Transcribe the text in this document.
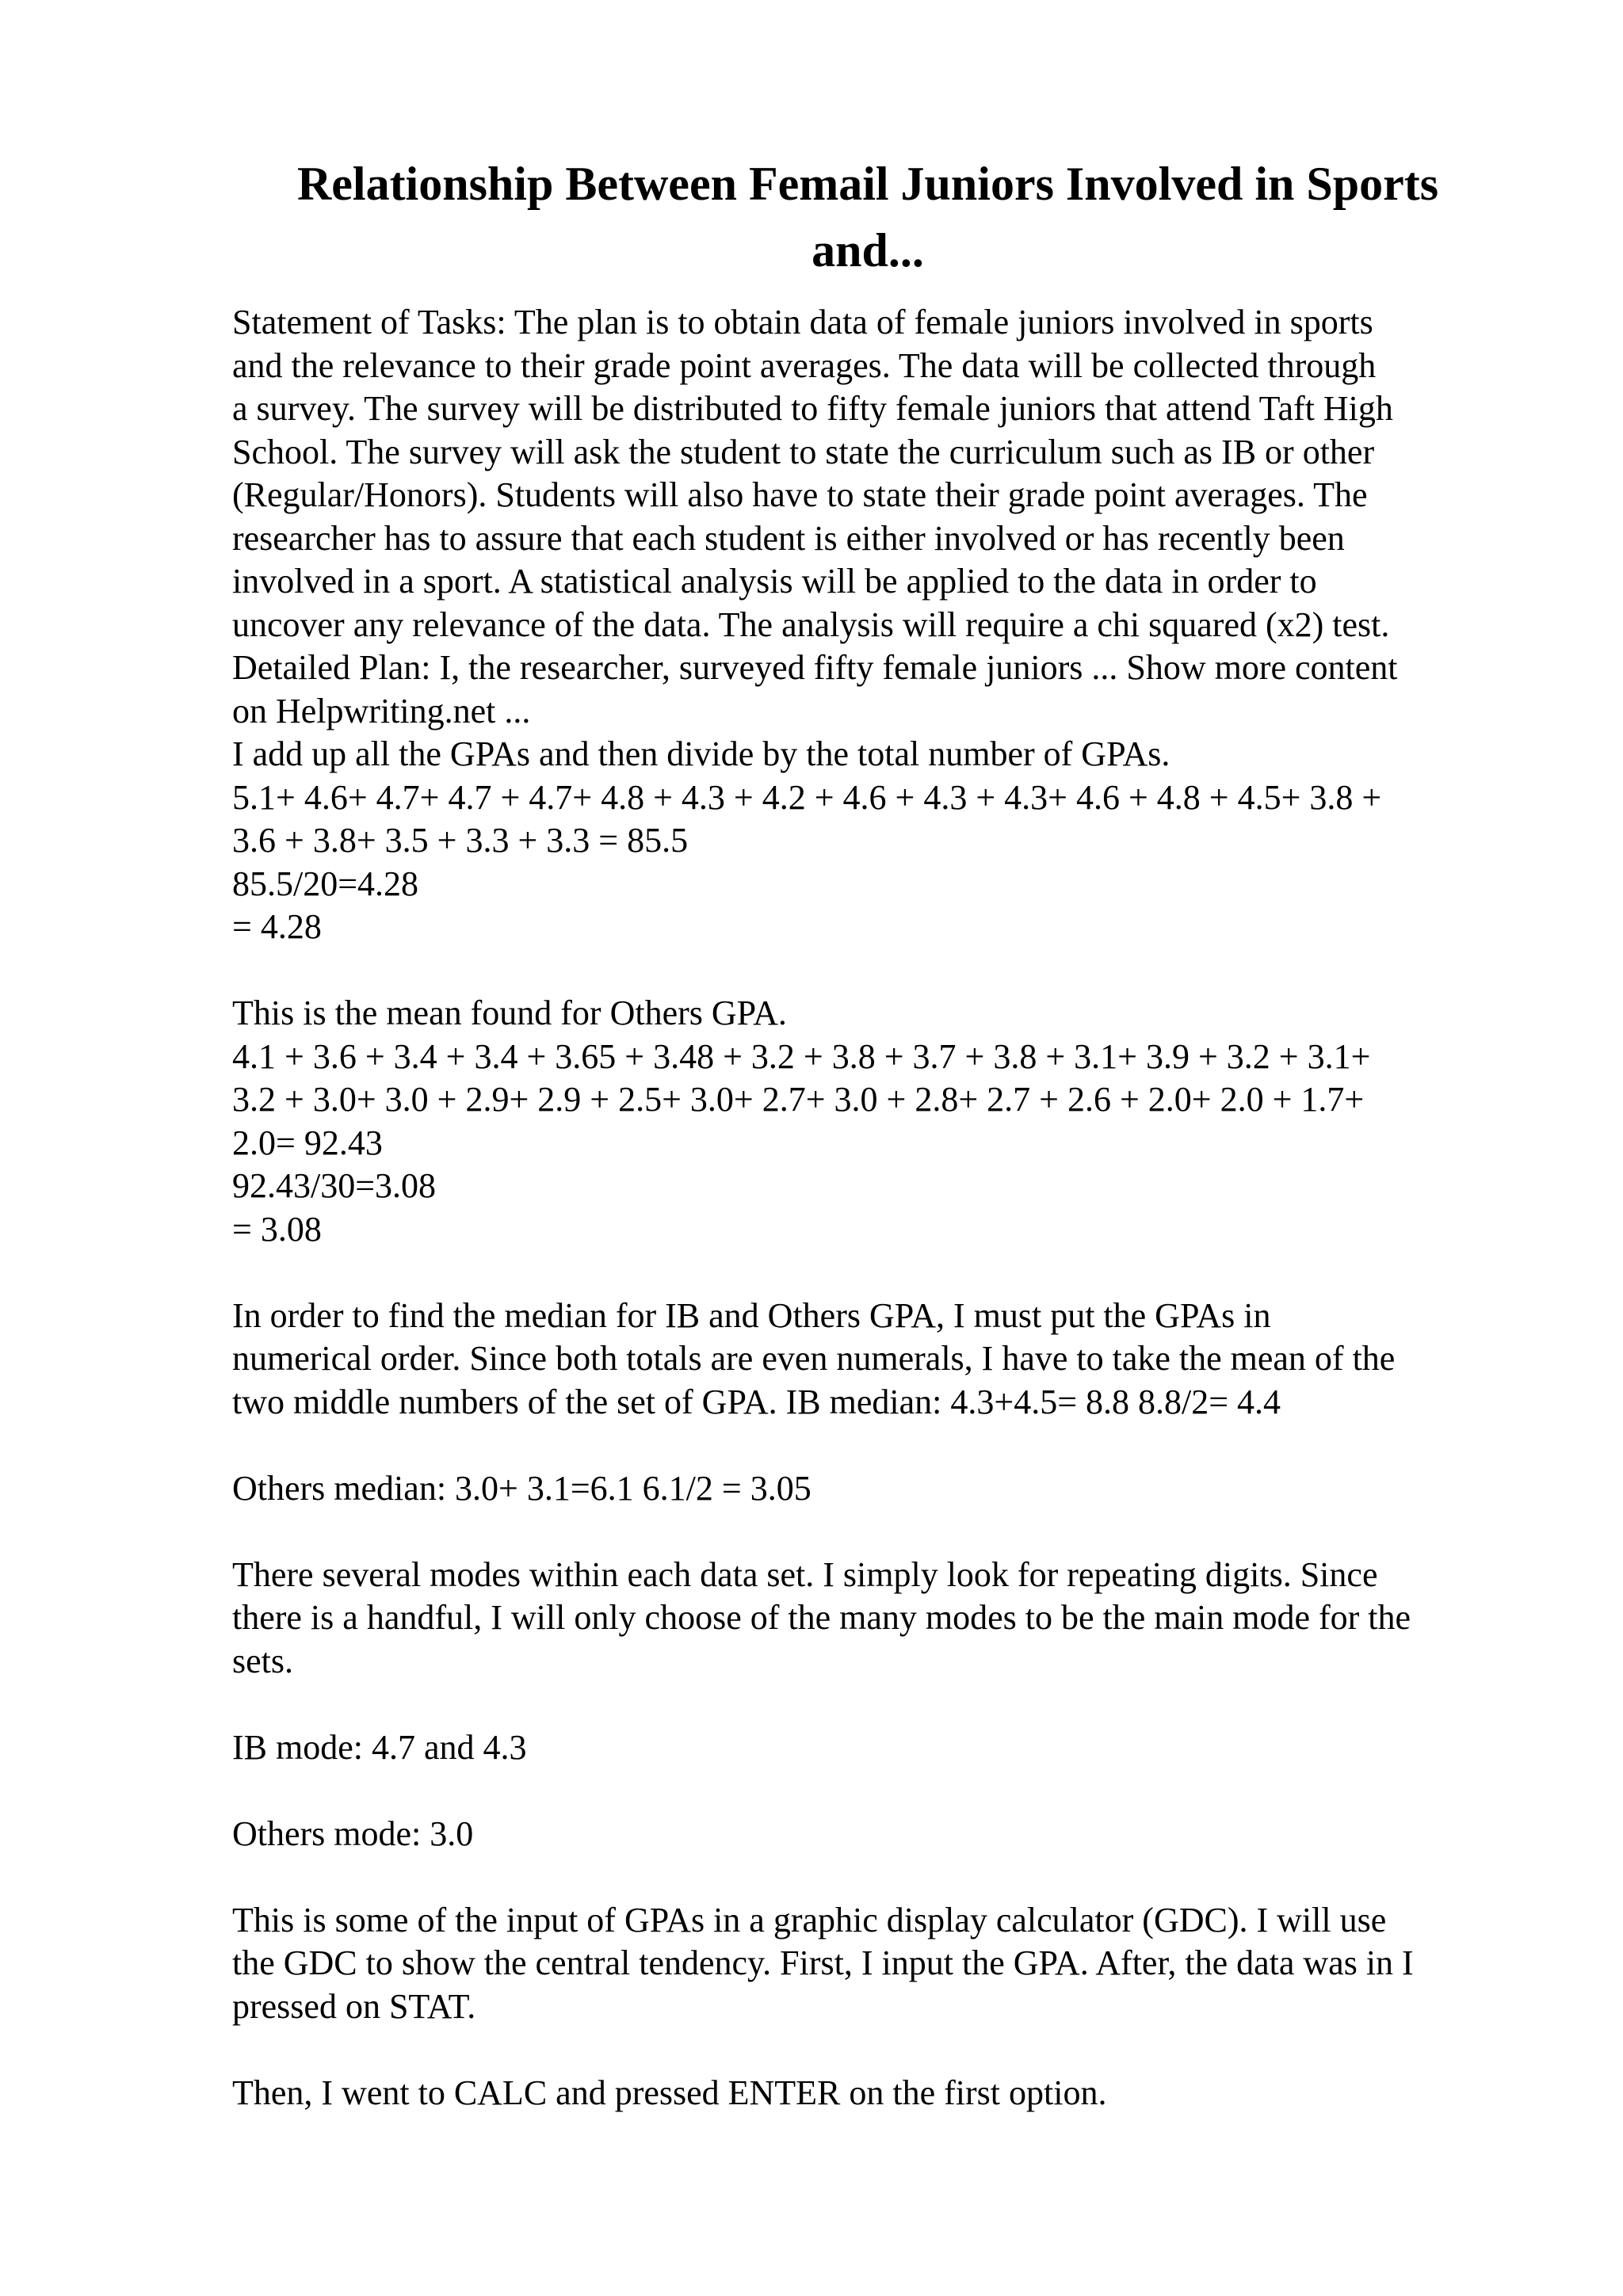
Relationship Between Femail Juniors Involved in Sports
and...

Statement of Tasks: The plan is to obtain data of female juniors involved in sports

and the relevance to their grade point averages. The data will be collected through

a survey. The survey will be distributed to fifty female juniors that attend Taft High

School. The survey will ask the student to state the curriculum such as IB or other

(Regular/Honors). Students will also have to state their grade point averages. The

researcher has to assure that each student is either involved or has recently been

involved in a sport. A statistical analysis will be applied to the data in order to

uncover any relevance of the data. The analysis will require a chi squared (x2) test.

Detailed Plan: I, the researcher, surveyed fifty female juniors ... Show more content

on Helpwriting.net ...

I add up all the GPAs and then divide by the total number of GPAs.

5.1+ 4.6+ 4.7+ 4.7 + 4.7+ 4.8 + 4.3 + 4.2 + 4.6 + 4.3 + 4.3+ 4.6 + 4.8 + 4.5+ 3.8 +

3.6 + 3.8+ 3.5 + 3.3 + 3.3 = 85.5

85.5/20=4.28

= 4.28

This is the mean found for Others GPA.

4.1 + 3.6 + 3.4 + 3.4 + 3.65 + 3.48 + 3.2 + 3.8 + 3.7 + 3.8 + 3.1+ 3.9 + 3.2 + 3.1+

3.2 + 3.0+ 3.0 + 2.9+ 2.9 + 2.5+ 3.0+ 2.7+ 3.0 + 2.8+ 2.7 + 2.6 + 2.0+ 2.0 + 1.7+

2.0= 92.43

92.43/30=3.08

= 3.08

In order to find the median for IB and Others GPA, I must put the GPAs in

numerical order. Since both totals are even numerals, I have to take the mean of the

two middle numbers of the set of GPA. IB median: 4.3+4.5= 8.8 8.8/2= 4.4

Others median: 3.0+ 3.1=6.1 6.1/2 = 3.05

There several modes within each data set. I simply look for repeating digits. Since

there is a handful, I will only choose of the many modes to be the main mode for the

sets.

IB mode: 4.7 and 4.3

Others mode: 3.0

This is some of the input of GPAs in a graphic display calculator (GDC). I will use

the GDC to show the central tendency. First, I input the GPA. After, the data was in I

pressed on STAT.

Then, I went to CALC and pressed ENTER on the first option.
